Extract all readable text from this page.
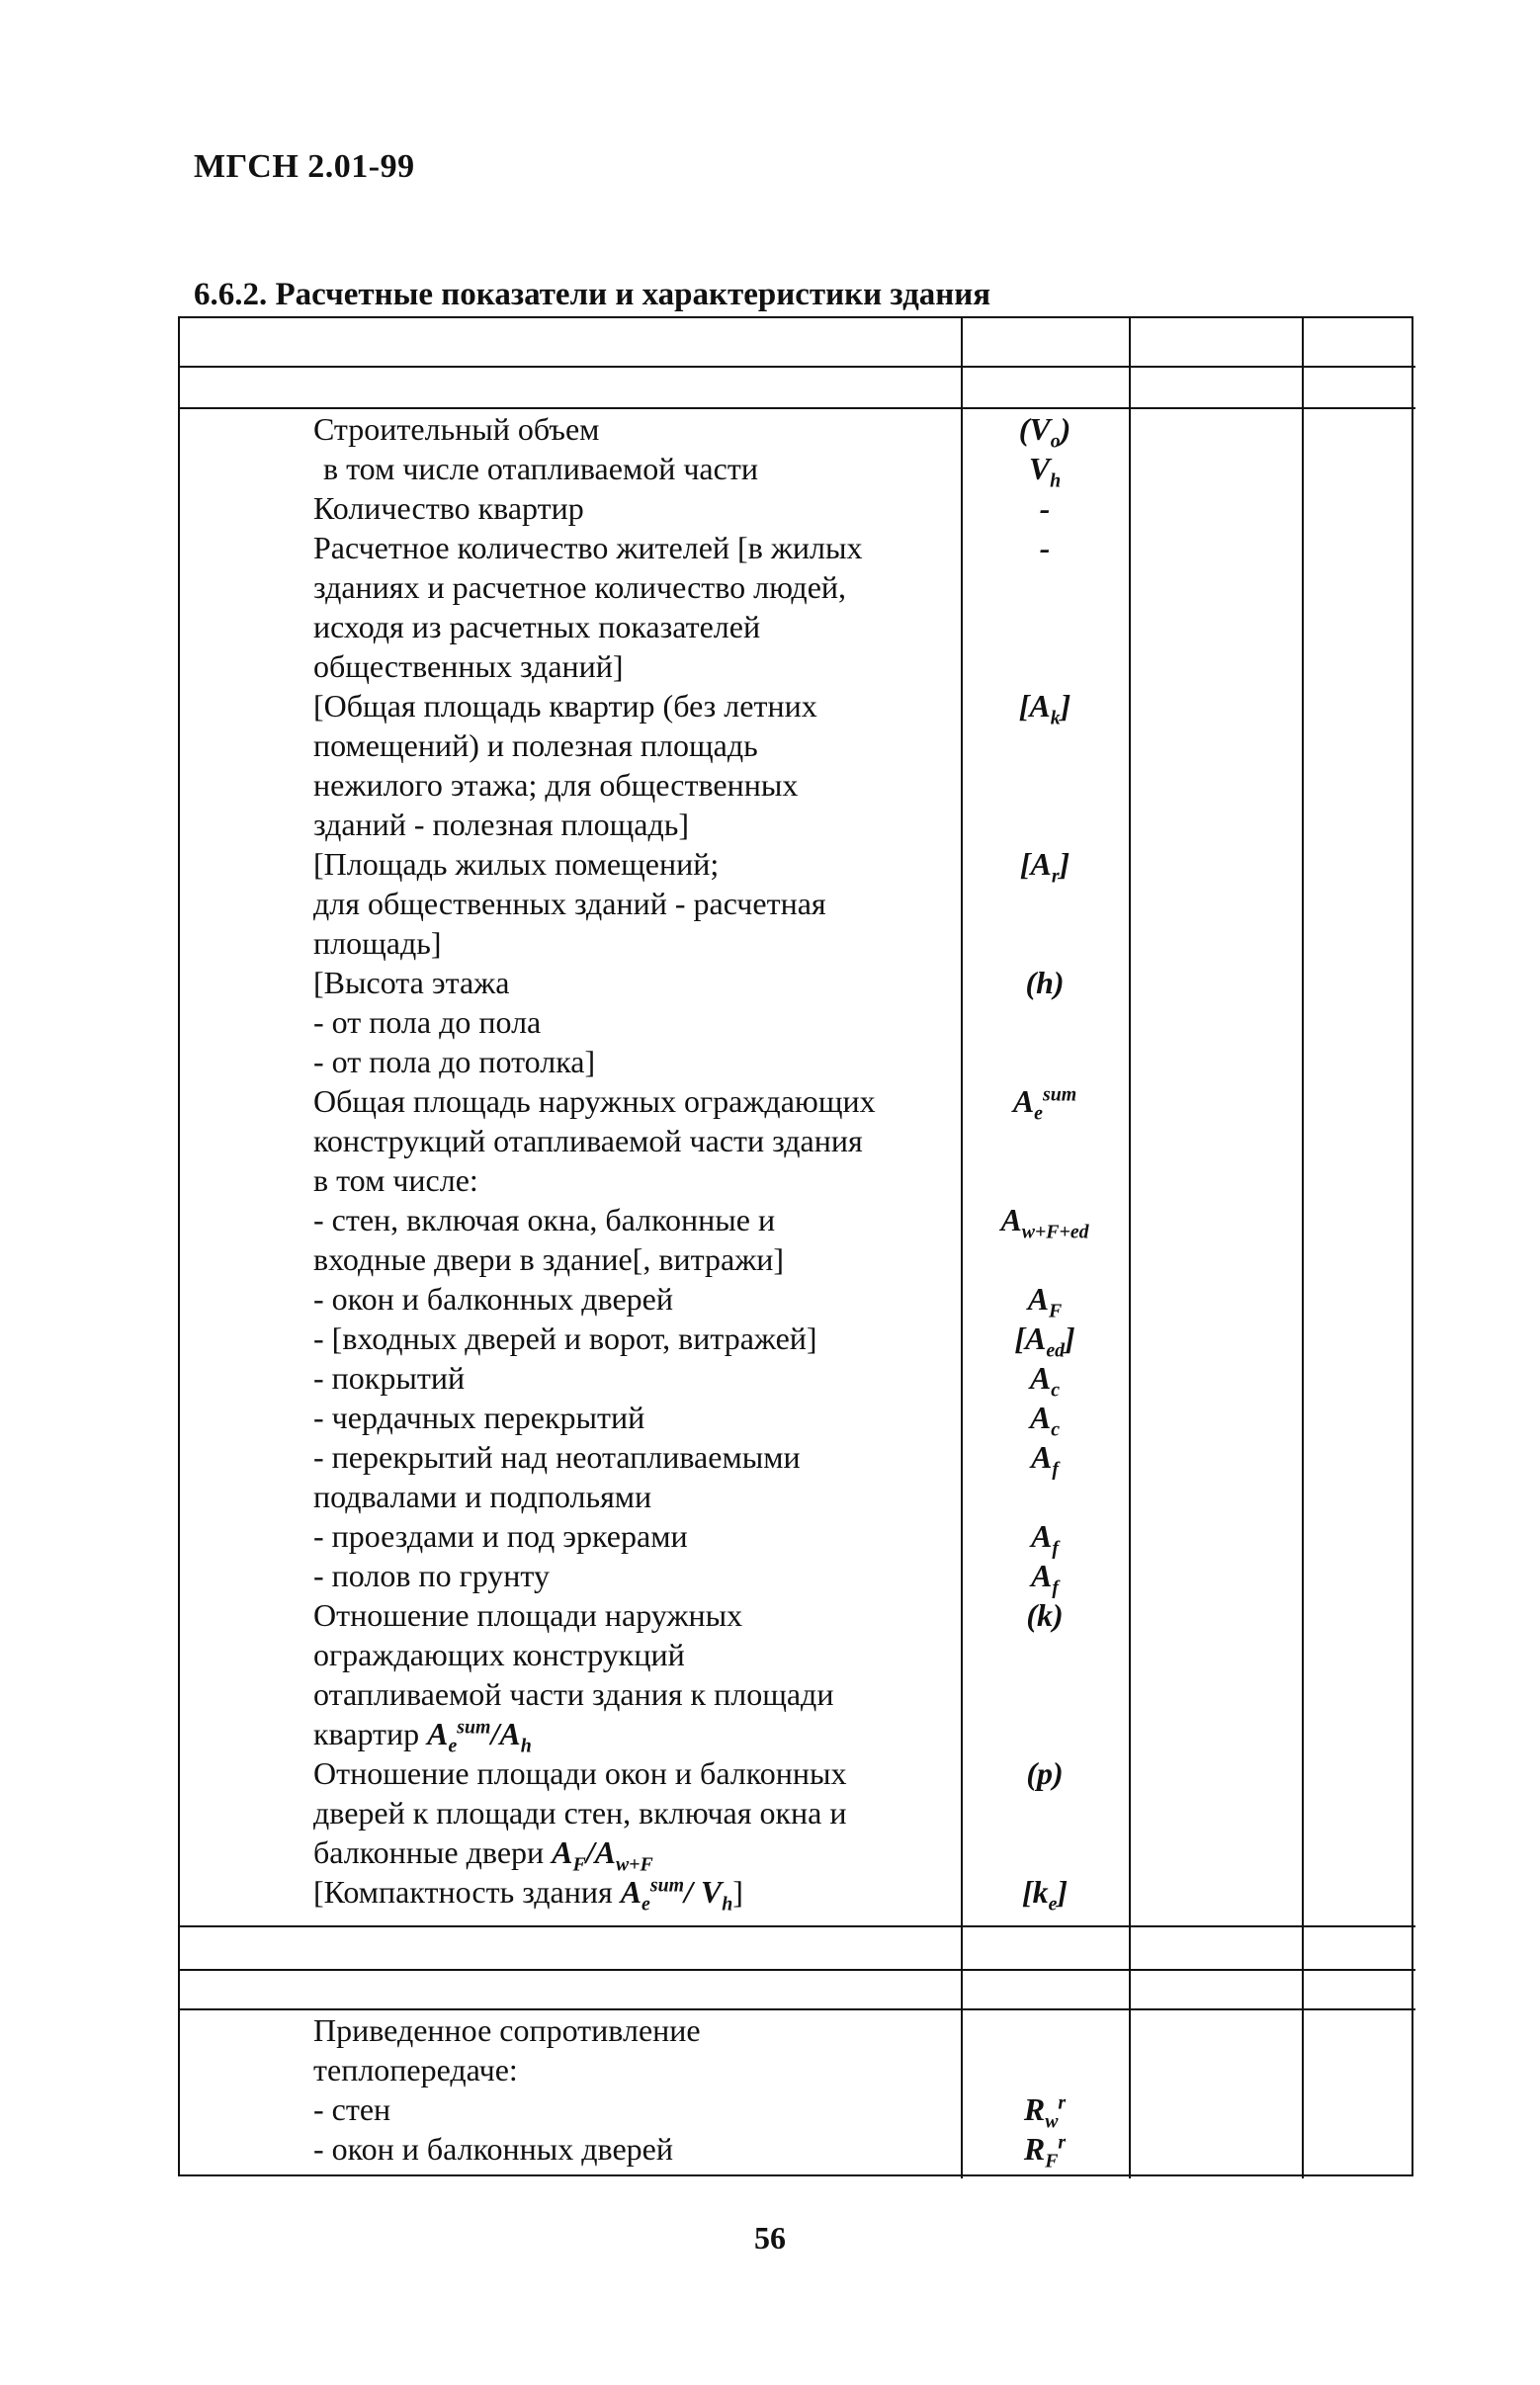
МГСН 2.01-99
6.6.2. Расчетные показатели и характеристики здания
Строительный объем
в том числе отапливаемой части
$(V_o)$
$V_h$
Количество квартир	-
Расчетное количество жителей [в жилых
зданиях и расчетное количество людей,
исходя из расчетных показателей
общественных зданий]
-
[Общая площадь квартир (без летних
помещений) и полезная площадь
нежилого этажа; для общественных
зданий - полезная площадь]
$[A_k]$
[Площадь жилых помещений;
для общественных зданий - расчетная
площадь]
$[A_r]$
[Высота этажа
- от пола до пола
- от пола до потолка]
(h)
Общая площадь наружных ограждающих
конструкций отапливаемой части здания
в том числе:
- стен, включая окна, балконные и
входные двери в здание[, витражи]
- окон и балконных дверей
- [входных дверей и ворот, витражей]
- покрытий
- чердачных перекрытий
- перекрытий над неотапливаемыми
подвалами и подпольями
- проездами и под эркерами
- полов по грунту
$A_e^{sum}$
$A_{w+F+ed}$
$A_F$
$[A_{ed}]$
$A_c$
$A_c$
$A_f$
$A_f$
$A_f$
Отношение площади наружных
ограждающих конструкций
отапливаемой части здания к площади
квартир $A_e^{sum}/A_h$
(k)
Отношение площади окон и балконных
дверей к площади стен, включая окна и
балконные двери $A_F/A_{w+F}$
(p)
[Компактность здания $A_e^{sum}/$ $V_h$]	$[k_e]$
Приведенное сопротивление
теплопередаче:
- стен
- окон и балконных дверей
$R_w^r$
$R_F^r$
56
